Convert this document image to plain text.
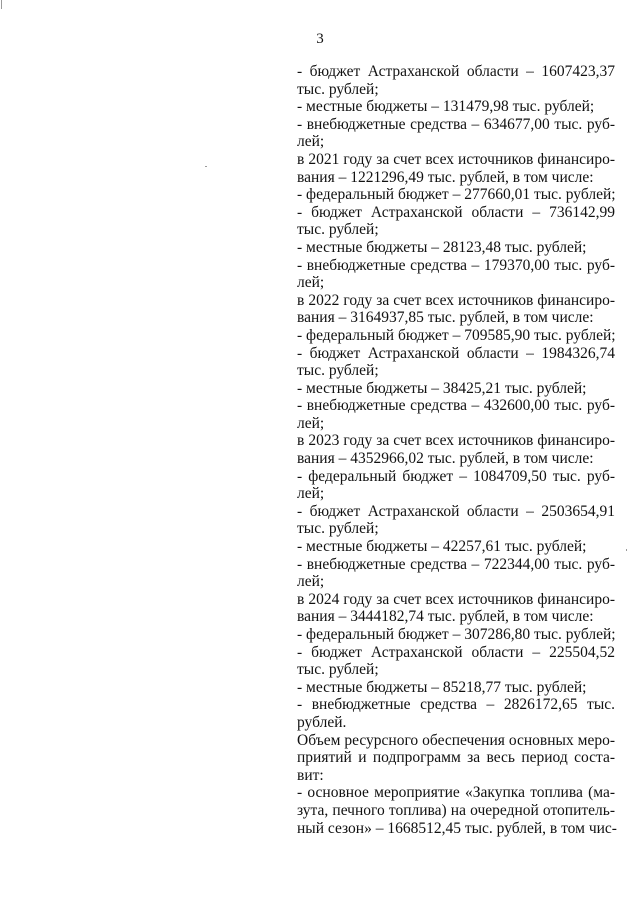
3
- бюджет Астраханской области – 1607423,37
тыс. рублей;
- местные бюджеты – 131479,98 тыс. рублей;
- внебюджетные средства – 634677,00 тыс. руб-
лей;
в 2021 году за счет всех источников финансиро-
вания – 1221296,49 тыс. рублей, в том числе:
- федеральный бюджет – 277660,01 тыс. рублей;
- бюджет Астраханской области – 736142,99
тыс. рублей;
- местные бюджеты – 28123,48 тыс. рублей;
- внебюджетные средства – 179370,00 тыс. руб-
лей;
в 2022 году за счет всех источников финансиро-
вания – 3164937,85 тыс. рублей, в том числе:
- федеральный бюджет – 709585,90 тыс. рублей;
- бюджет Астраханской области – 1984326,74
тыс. рублей;
- местные бюджеты – 38425,21 тыс. рублей;
- внебюджетные средства – 432600,00 тыс. руб-
лей;
в 2023 году за счет всех источников финансиро-
вания – 4352966,02 тыс. рублей, в том числе:
- федеральный бюджет – 1084709,50 тыс. руб-
лей;
- бюджет Астраханской области – 2503654,91
тыс. рублей;
- местные бюджеты – 42257,61 тыс. рублей;
- внебюджетные средства – 722344,00 тыс. руб-
лей;
в 2024 году за счет всех источников финансиро-
вания – 3444182,74 тыс. рублей, в том числе:
- федеральный бюджет – 307286,80 тыс. рублей;
- бюджет Астраханской области – 225504,52
тыс. рублей;
- местные бюджеты – 85218,77 тыс. рублей;
- внебюджетные средства – 2826172,65 тыс.
рублей.
Объем ресурсного обеспечения основных меро-
приятий и подпрограмм за весь период соста-
вит:
- основное мероприятие «Закупка топлива (ма-
зута, печного топлива) на очередной отопитель-
ный сезон» – 1668512,45 тыс. рублей, в том чис-
